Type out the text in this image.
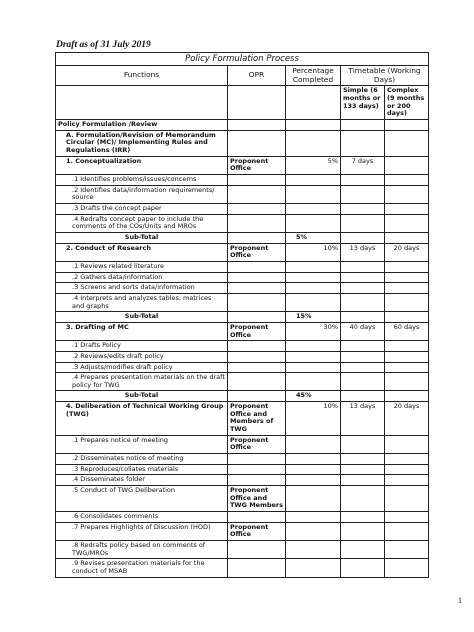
Draft as of 31 July 2019
Policy Formulation Process				
Functions	OPR	Percentage Completed	Timetable (Working Days)	
			Simple (6 months or 133 days)	Complex (9 months or 200 days)
Policy Formulation /Review				
A. Formulation/Revision of Memorandum Circular (MC)/ Implementing Rules and Regulations (IRR)				
1. Conceptualization	Proponent Office	5%	7 days	
.1 Identifies problems/issues/concerns				
.2 Identifies data/information requirements/ source				
.3 Drafts the concept paper				
.4 Redrafts concept paper to include the comments of the COs/Units and MROs				
Sub-Total		5%		
2. Conduct of Research	Proponent Office	10%	13 days	20 days
.1 Reviews related literature				
.2 Gathers data/information				
.3 Screens and sorts data/information				
.4 Interprets and analyzes tables, matrices and graphs				
Sub-Total		15%		
3. Drafting of MC	Proponent Office	30%	40 days	60 days
.1 Drafts Policy				
.2 Reviews/edits draft policy				
.3 Adjusts/modifies draft policy				
.4 Prepares presentation materials on the draft policy for TWG				
Sub-Total		45%		
4. Deliberation of Technical Working Group (TWG)	Proponent Office and Members of TWG	10%	13 days	20 days
.1 Prepares notice of meeting	Proponent Office			
.2 Disseminates notice of meeting				
.3 Reproduces/collates materials				
.4 Disseminates folder				
.5 Conduct of TWG Deliberation	Proponent Office and TWG Members			
.6 Consolidates comments				
.7 Prepares Highlights of Discussion (HOD)	Proponent Office			
.8 Redrafts policy based on comments of TWG/MROs				
.9 Revises presentation materials for the conduct of MSAB				
1
